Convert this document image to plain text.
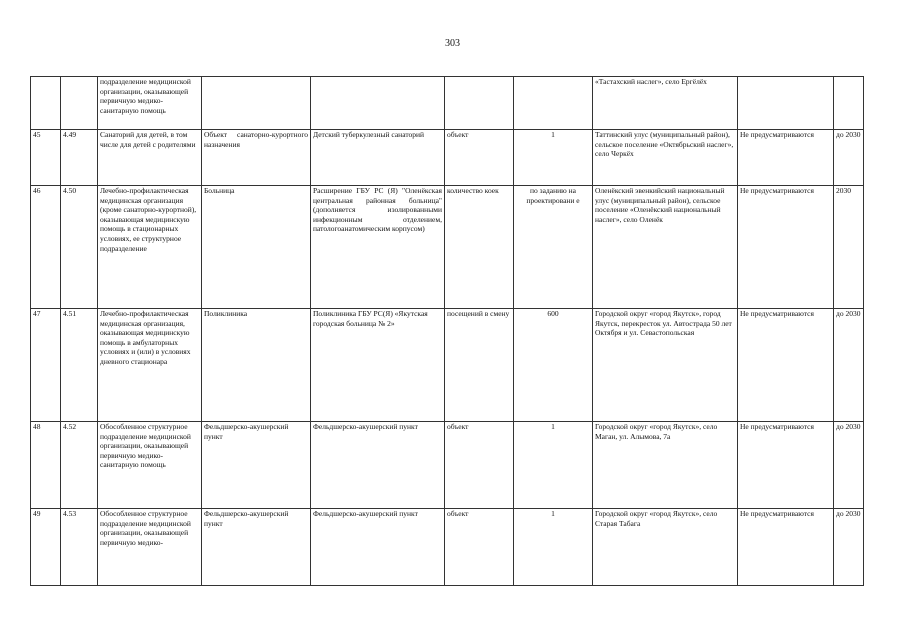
303
		подразделение медицинской организации, оказывающей первичную медико-санитарную помощь					«Тастахский наслег», село Ергёлёх		
45	4.49	Санаторий для детей, в том числе для детей с родителями	Объект санаторно-курортного назначения	Детский туберкулезный санаторий	объект	1	Таттинский улус (муниципальный район), сельское поселение «Октябрьский наслег», село Черкёх	Не предусматриваются	до 2030
46	4.50	Лечебно-профилактическая медицинская организация (кроме санаторно-курортной), оказывающая медицинскую помощь в стационарных условиях, ее структурное подразделение	Больница	Расширение ГБУ РС (Я) "Оленёкская центральная районная больница" (дополняется изолированными инфекционным отделением, патологоанатомическим корпусом)	количество коек	по заданию на проектировани е	Оленёкский эвенкийский национальный улус (муниципальный район), сельское поселение «Оленёкский национальный наслег», село Оленёк	Не предусматриваются	2030
47	4.51	Лечебно-профилактическая медицинская организация, оказывающая медицинскую помощь в амбулаторных условиях и (или) в условиях дневного стационара	Поликлиника	Поликлиника ГБУ РС(Я) «Якутская городская больница № 2»	посещений в смену	600	Городской округ «город Якутск», город Якутск, перекресток ул. Автострада 50 лет Октября и ул. Севастопольская	Не предусматриваются	до 2030
48	4.52	Обособленное структурное подразделение медицинской организации, оказывающей первичную медико-санитарную помощь	Фельдшерско-акушерский пункт	Фельдшерско-акушерский пункт	объект	1	Городской округ «город Якутск», село Маган, ул. Алымова, 7а	Не предусматриваются	до 2030
49	4.53	Обособленное структурное подразделение медицинской организации, оказывающей первичную медико-	Фельдшерско-акушерский пункт	Фельдшерско-акушерский пункт	объект	1	Городской округ «город Якутск», село Старая Табага	Не предусматриваются	до 2030
